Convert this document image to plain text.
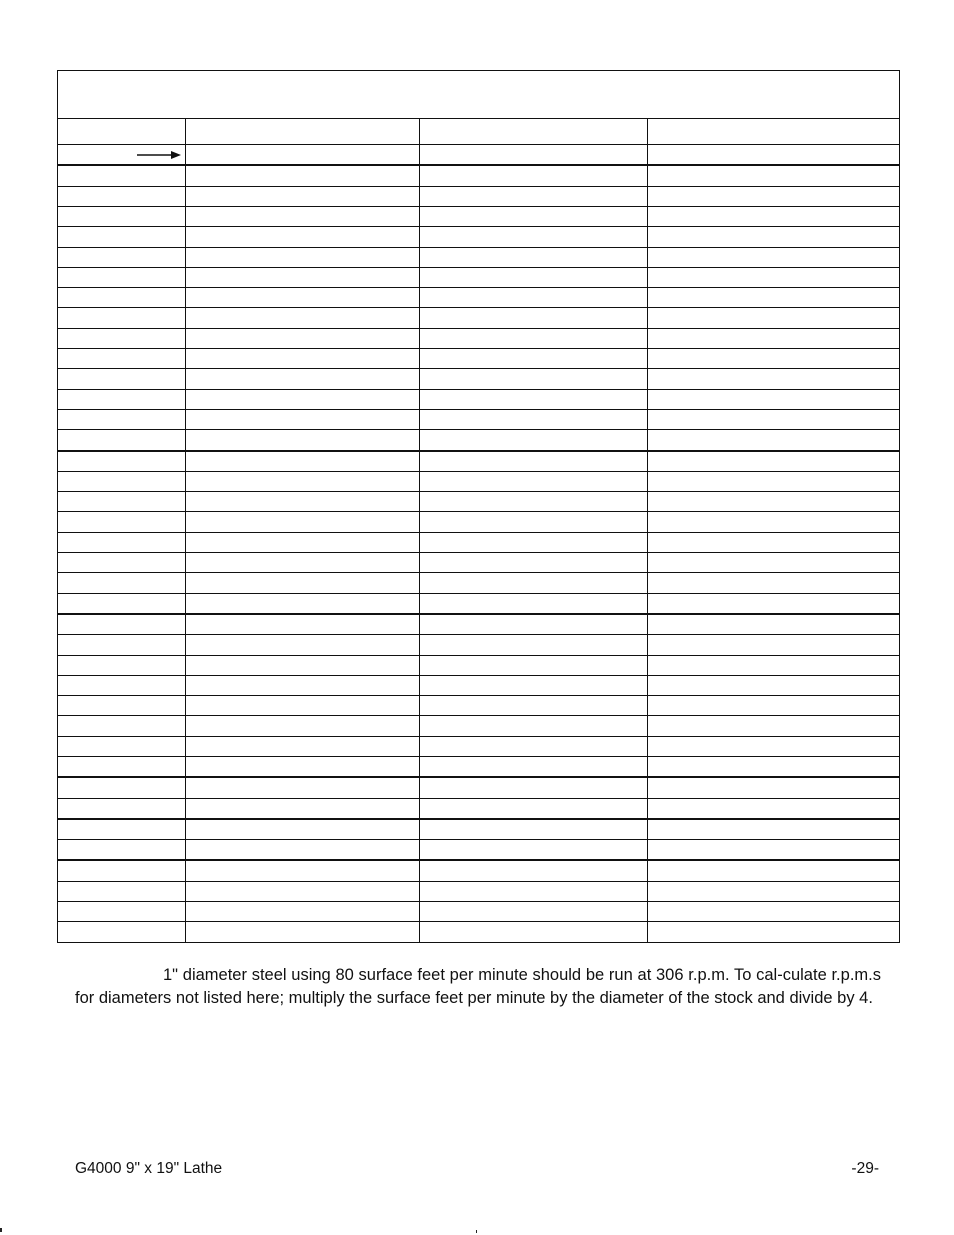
1" diameter steel using 80 surface feet per minute should be run at 306 r.p.m. To cal-culate r.p.m.s for diameters not listed here; multiply the surface feet per minute by the diameter of the stock and divide by 4.

G4000 9" x 19" Lathe	-29-
